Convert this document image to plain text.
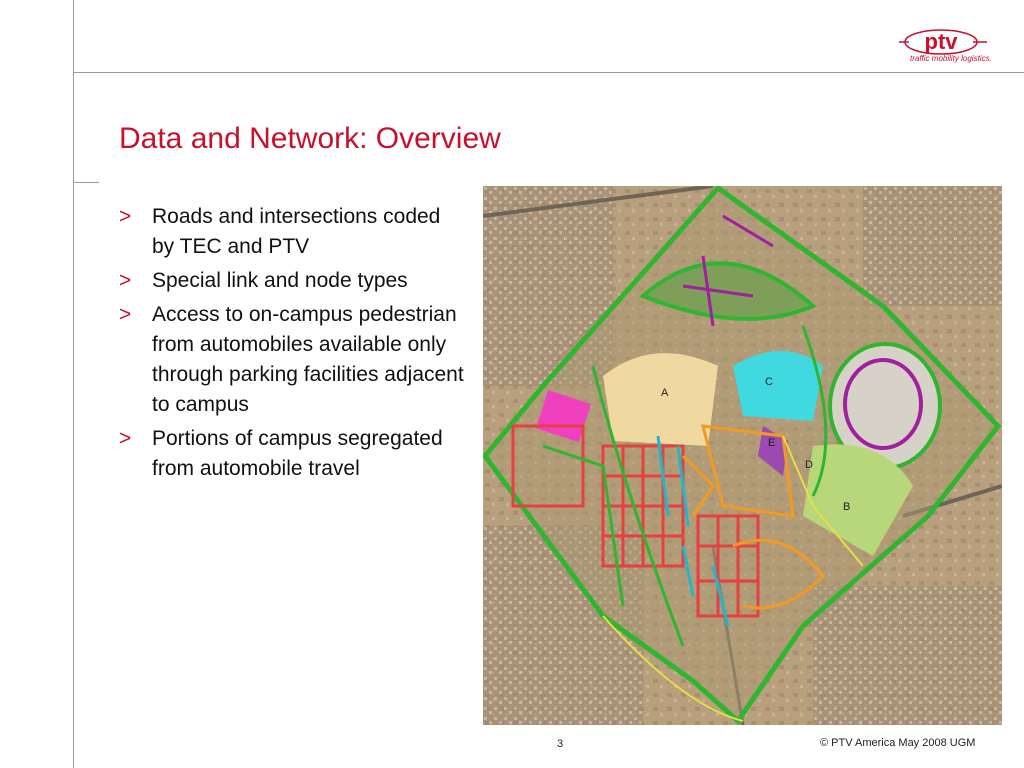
ptv
traffic mobility logistics.
Data and Network: Overview
> Roads and intersections coded by TEC and PTV
> Special link and node types
> Access to on-campus pedestrian from automobiles available only through parking facilities adjacent to campus
> Portions of campus segregated from automobile travel
A
B
C
D
E
3	© PTV America May 2008 UGM
